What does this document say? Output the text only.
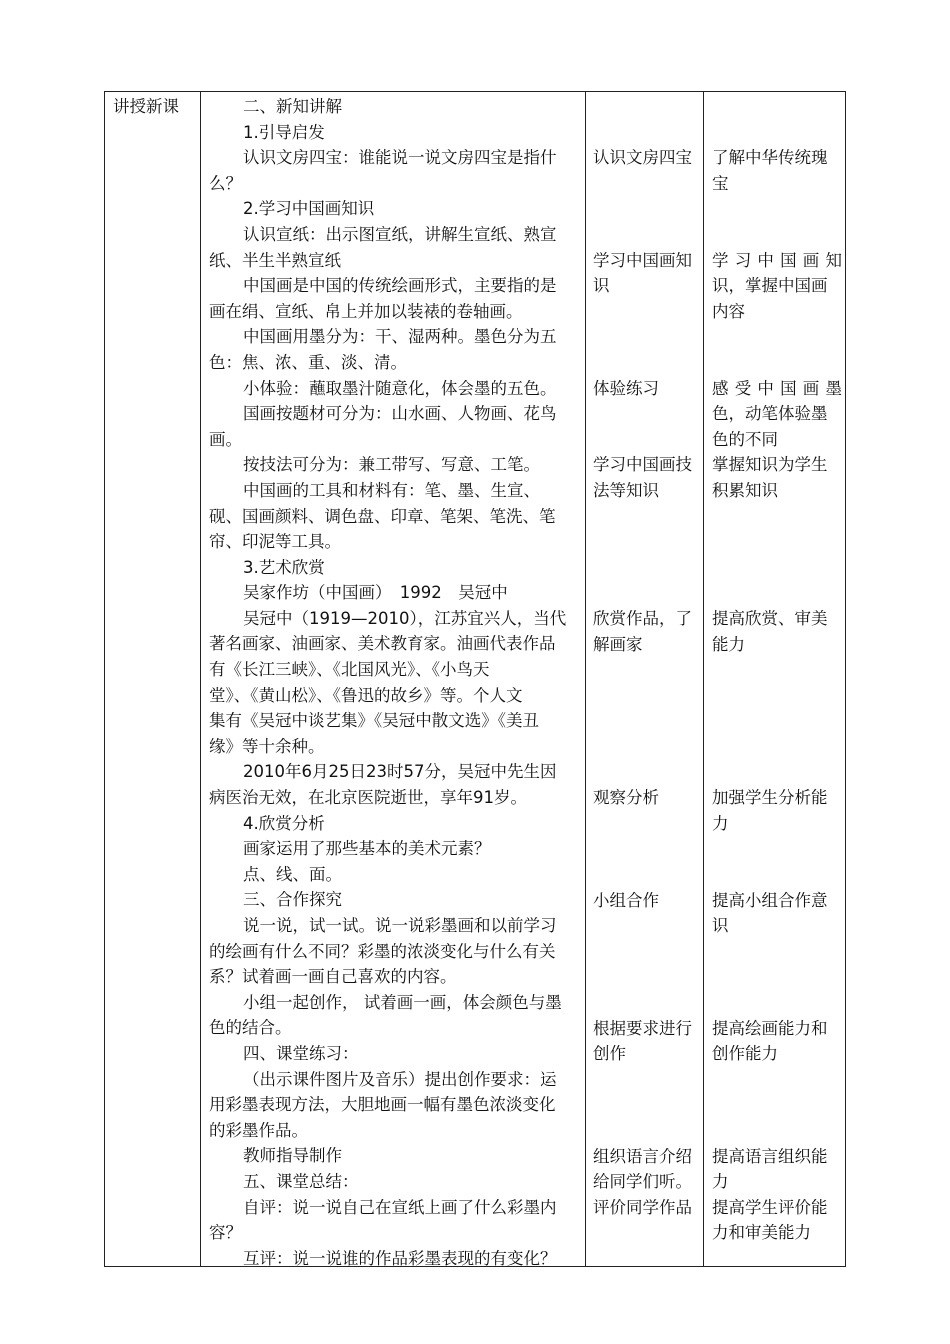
讲授新课	二、新知讲解
1.引导启发
认识文房四宝：谁能说一说文房四宝是指什
么？
2.学习中国画知识
认识宣纸：出示图宣纸，讲解生宣纸、熟宣
纸、半生半熟宣纸
中国画是中国的传统绘画形式，主要指的是
画在绢、宣纸、帛上并加以装裱的卷轴画。
中国画用墨分为：干、湿两种。墨色分为五
色：焦、浓、重、淡、清。
小体验：蘸取墨汁随意化，体会墨的五色。
国画按题材可分为：山水画、人物画、花鸟
画。
按技法可分为：兼工带写、写意、工笔。
中国画的工具和材料有：笔、墨、生宣、
砚、国画颜料、调色盘、印章、笔架、笔洗、笔
帘、印泥等工具。
3.艺术欣赏
吴家作坊（中国画）　1992　吴冠中
吴冠中（1919—2010），江苏宜兴人，当代
著名画家、油画家、美术教育家。油画代表作品
有《长江三峡》、《北国风光》、《小鸟天
堂》、《黄山松》、《鲁迅的故乡》等。个人文
集有《吴冠中谈艺集》《吴冠中散文选》《美丑
缘》等十余种。
2010年6月25日23时57分，吴冠中先生因
病医治无效，在北京医院逝世，享年91岁。
4.欣赏分析
画家运用了那些基本的美术元素？
点、线、面。
三、合作探究
说一说，试一试。说一说彩墨画和以前学习
的绘画有什么不同？彩墨的浓淡变化与什么有关
系？试着画一画自己喜欢的内容。
小组一起创作， 试着画一画，体会颜色与墨
色的结合。
四、课堂练习：
（出示课件图片及音乐）提出创作要求：运
用彩墨表现方法，大胆地画一幅有墨色浓淡变化
的彩墨作品。
教师指导制作
五、课堂总结：
自评：说一说自己在宣纸上画了什么彩墨内
容？
互评：说一说谁的作品彩墨表现的有变化？
认识文房四宝
学习中国画知
识
体验练习
学习中国画技
法等知识
欣赏作品，了
解画家
观察分析
小组合作
根据要求进行
创作
组织语言介绍
给同学们听。
评价同学作品
了解中华传统瑰
宝
学习中国画知
识，掌握中国画
内容
感受中国画墨
色，动笔体验墨
色的不同
掌握知识为学生
积累知识
提高欣赏、审美
能力
加强学生分析能
力
提高小组合作意
识
提高绘画能力和
创作能力
提高语言组织能
力
提高学生评价能
力和审美能力
